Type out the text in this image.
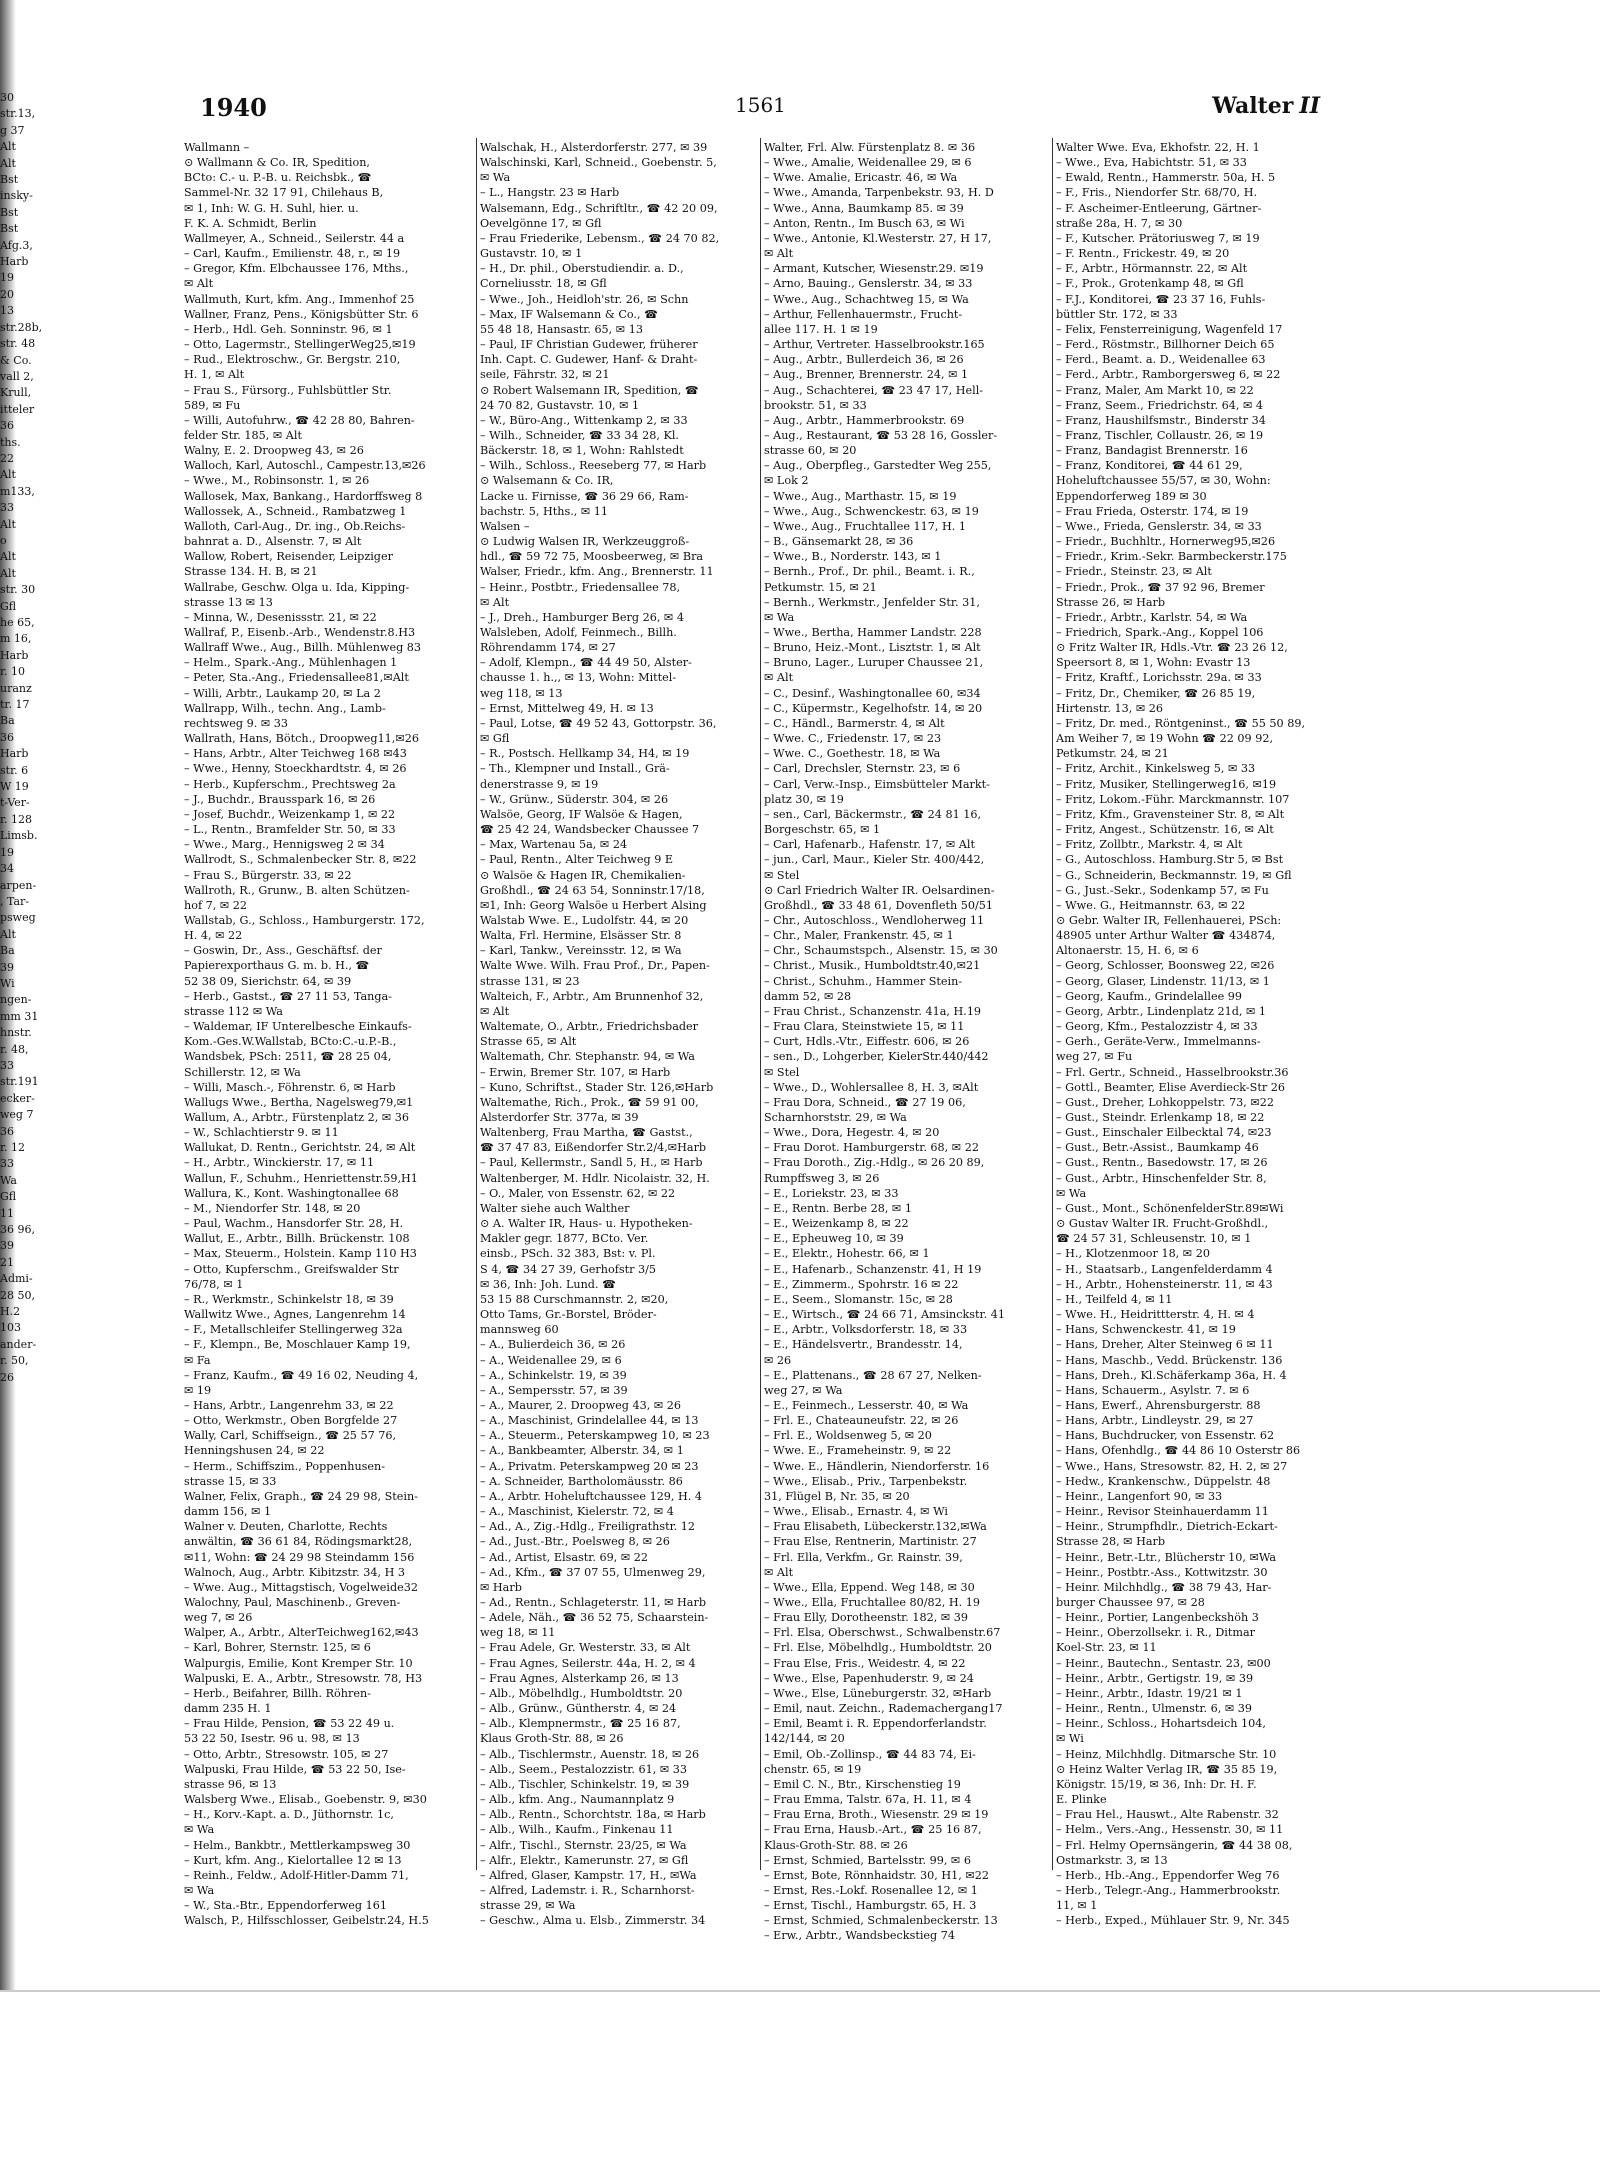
30
str.13,
g 37
Alt
Alt
Bst
insky-
Bst
Bst
Afg.3,
Harb
19
20
13
str.28b,
str. 48
& Co.
vall 2,
Krull,
itteler
36
ths.
22
Alt
m133,
33
Alt
o
Alt
Alt
str. 30
Gfl
he 65,
m 16,
Harb
r. 10
uranz
tr. 17
Ba
36
Harb
str. 6
W 19
t-Ver-
r. 128
Limsb.
19
34
arpen-
, Tar-
psweg
Alt
Ba
39
Wi
ngen-
mm 31
hnstr.
r. 48,
33
str.191
ecker-
weg 7
36
r. 12
33
Wa
Gfl
11
36 96,
39
21
Admi-
28 50,
H.2
103
ander-
r. 50,
26
1940	1561	Walter II
Wallmann –
⊙ Wallmann & Co. IR, Spedition,
BCto: C.- u. P.-B. u. Reichsbk., ☎
Sammel-Nr. 32 17 91, Chilehaus B,
✉ 1, Inh: W. G. H. Suhl, hier. u.
F. K. A. Schmidt, Berlin
Wallmeyer, A., Schneid., Seilerstr. 44 a
– Carl, Kaufm., Emilienstr. 48, r., ✉ 19
– Gregor, Kfm. Elbchaussee 176, Mths.,
✉ Alt
Wallmuth, Kurt, kfm. Ang., Immenhof 25
Wallner, Franz, Pens., Königsbütter Str. 6
– Herb., Hdl. Geh. Sonninstr. 96, ✉ 1
– Otto, Lagermstr., StellingerWeg25,✉19
– Rud., Elektroschw., Gr. Bergstr. 210,
H. 1, ✉ Alt
– Frau S., Fürsorg., Fuhlsbüttler Str.
589, ✉ Fu
– Willi, Autofuhrw., ☎ 42 28 80, Bahren-
felder Str. 185, ✉ Alt
Walny, E. 2. Droopweg 43, ✉ 26
Walloch, Karl, Autoschl., Campestr.13,✉26
– Wwe., M., Robinsonstr. 1, ✉ 26
Wallosek, Max, Bankang., Hardorffsweg 8
Wallossek, A., Schneid., Rambatzweg 1
Walloth, Carl-Aug., Dr. ing., Ob.Reichs-
bahnrat a. D., Alsenstr. 7, ✉ Alt
Wallow, Robert, Reisender, Leipziger
Strasse 134. H. B, ✉ 21
Wallrabe, Geschw. Olga u. Ida, Kipping-
strasse 13 ✉ 13
– Minna, W., Desenissstr. 21, ✉ 22
Wallraf, P., Eisenb.-Arb., Wendenstr.8.H3
Wallraff Wwe., Aug., Billh. Mühlenweg 83
– Helm., Spark.-Ang., Mühlenhagen 1
– Peter, Sta.-Ang., Friedensallee81,✉Alt
– Willi, Arbtr., Laukamp 20, ✉ La 2
Wallrapp, Wilh., techn. Ang., Lamb-
rechtsweg 9. ✉ 33
Wallrath, Hans, Bötch., Droopweg11,✉26
– Hans, Arbtr., Alter Teichweg 168 ✉43
– Wwe., Henny, Stoeckhardtstr. 4, ✉ 26
– Herb., Kupferschm., Prechtsweg 2a
– J., Buchdr., Brausspark 16, ✉ 26
– Josef, Buchdr., Weizenkamp 1, ✉ 22
– L., Rentn., Bramfelder Str. 50, ✉ 33
– Wwe., Marg., Hennigsweg 2 ✉ 34
Wallrodt, S., Schmalenbecker Str. 8, ✉22
– Frau S., Bürgerstr. 33, ✉ 22
Wallroth, R., Grunw., B. alten Schützen-
hof 7, ✉ 22
Wallstab, G., Schloss., Hamburgerstr. 172,
H. 4, ✉ 22
– Goswin, Dr., Ass., Geschäftsf. der
Papierexporthaus G. m. b. H., ☎
52 38 09, Sierichstr. 64, ✉ 39
– Herb., Gastst., ☎ 27 11 53, Tanga-
strasse 112 ✉ Wa
– Waldemar, IF Unterelbesche Einkaufs-
Kom.-Ges.W.Wallstab, BCto:C.-u.P.-B.,
Wandsbek, PSch: 2511, ☎ 28 25 04,
Schillerstr. 12, ✉ Wa
– Willi, Masch.-, Föhrenstr. 6, ✉ Harb
Wallugs Wwe., Bertha, Nagelsweg79,✉1
Wallum, A., Arbtr., Fürstenplatz 2, ✉ 36
– W., Schlachtierstr 9. ✉ 11
Wallukat, D. Rentn., Gerichtstr. 24, ✉ Alt
– H., Arbtr., Winckierstr. 17, ✉ 11
Wallun, F., Schuhm., Henriettenstr.59,H1
Wallura, K., Kont. Washingtonallee 68
– M., Niendorfer Str. 148, ✉ 20
– Paul, Wachm., Hansdorfer Str. 28, H.
Wallut, E., Arbtr., Billh. Brückenstr. 108
– Max, Steuerm., Holstein. Kamp 110 H3
– Otto, Kupferschm., Greifswalder Str
76/78, ✉ 1
– R., Werkmstr., Schinkelstr 18, ✉ 39
Wallwitz Wwe., Agnes, Langenrehm 14
– F., Metallschleifer Stellingerweg 32a
– F., Klempn., Be, Moschlauer Kamp 19,
✉ Fa
– Franz, Kaufm., ☎ 49 16 02, Neuding 4,
✉ 19
– Hans, Arbtr., Langenrehm 33, ✉ 22
– Otto, Werkmstr., Oben Borgfelde 27
Wally, Carl, Schiffseign., ☎ 25 57 76,
Henningshusen 24, ✉ 22
– Herm., Schiffszim., Poppenhusen-
strasse 15, ✉ 33
Walner, Felix, Graph., ☎ 24 29 98, Stein-
damm 156, ✉ 1
Walner v. Deuten, Charlotte, Rechts
anwältin, ☎ 36 61 84, Rödingsmarkt28,
✉11, Wohn: ☎ 24 29 98 Steindamm 156
Walnoch, Aug., Arbtr. Kibitzstr. 34, H 3
– Wwe. Aug., Mittagstisch, Vogelweide32
Walochny, Paul, Maschinenb., Greven-
weg 7, ✉ 26
Walper, A., Arbtr., AlterTeichweg162,✉43
– Karl, Bohrer, Sternstr. 125, ✉ 6
Walpurgis, Emilie, Kont Kremper Str. 10
Walpuski, E. A., Arbtr., Stresowstr. 78, H3
– Herb., Beifahrer, Billh. Röhren-
damm 235 H. 1
– Frau Hilde, Pension, ☎ 53 22 49 u.
53 22 50, Isestr. 96 u. 98, ✉ 13
– Otto, Arbtr., Stresowstr. 105, ✉ 27
Walpuski, Frau Hilde, ☎ 53 22 50, Ise-
strasse 96, ✉ 13
Walsberg Wwe., Elisab., Goebenstr. 9, ✉30
– H., Korv.-Kapt. a. D., Jüthornstr. 1c,
✉ Wa
– Helm., Bankbtr., Mettlerkampsweg 30
– Kurt, kfm. Ang., Kielortallee 12 ✉ 13
– Reinh., Feldw., Adolf-Hitler-Damm 71,
✉ Wa
– W., Sta.-Btr., Eppendorferweg 161
Walsch, P., Hilfsschlosser, Geibelstr.24, H.5
Walschak, H., Alsterdorferstr. 277, ✉ 39
Walschinski, Karl, Schneid., Goebenstr. 5,
✉ Wa
– L., Hangstr. 23 ✉ Harb
Walsemann, Edg., Schriftltr., ☎ 42 20 09,
Oevelgönne 17, ✉ Gfl
– Frau Friederike, Lebensm., ☎ 24 70 82,
Gustavstr. 10, ✉ 1
– H., Dr. phil., Oberstudiendir. a. D.,
Corneliusstr. 18, ✉ Gfl
– Wwe., Joh., Heidloh'str. 26, ✉ Schn
– Max, IF Walsemann & Co., ☎
55 48 18, Hansastr. 65, ✉ 13
– Paul, IF Christian Gudewer, früherer
Inh. Capt. C. Gudewer, Hanf- & Draht-
seile, Fährstr. 32, ✉ 21
⊙ Robert Walsemann IR, Spedition, ☎
24 70 82, Gustavstr. 10, ✉ 1
– W., Büro-Ang., Wittenkamp 2, ✉ 33
– Wilh., Schneider, ☎ 33 34 28, Kl.
Bäckerstr. 18, ✉ 1, Wohn: Rahlstedt
– Wilh., Schloss., Reeseberg 77, ✉ Harb
⊙ Walsemann & Co. IR,
Lacke u. Firnisse, ☎ 36 29 66, Ram-
bachstr. 5, Hths., ✉ 11
Walsen –
⊙ Ludwig Walsen IR, Werkzeuggroß-
hdl., ☎ 59 72 75, Moosbeerweg, ✉ Bra
Walser, Friedr., kfm. Ang., Brennerstr. 11
– Heinr., Postbtr., Friedensallee 78,
✉ Alt
– J., Dreh., Hamburger Berg 26, ✉ 4
Walsleben, Adolf, Feinmech., Billh.
Röhrendamm 174, ✉ 27
– Adolf, Klempn., ☎ 44 49 50, Alster-
chausse 1. h.,, ✉ 13, Wohn: Mittel-
weg 118, ✉ 13
– Ernst, Mittelweg 49, H. ✉ 13
– Paul, Lotse, ☎ 49 52 43, Gottorpstr. 36,
✉ Gfl
– R., Postsch. Hellkamp 34, H4, ✉ 19
– Th., Klempner und Install., Grä-
denerstrasse 9, ✉ 19
– W., Grünw., Süderstr. 304, ✉ 26
Walsöe, Georg, IF Walsöe & Hagen,
☎ 25 42 24, Wandsbecker Chaussee 7
– Max, Wartenau 5a, ✉ 24
– Paul, Rentn., Alter Teichweg 9 E
⊙ Walsöe & Hagen IR, Chemikalien-
Großhdl., ☎ 24 63 54, Sonninstr.17/18,
✉1, Inh: Georg Walsöe u Herbert Alsing
Walstab Wwe. E., Ludolfstr. 44, ✉ 20
Walta, Frl. Hermine, Elsässer Str. 8
– Karl, Tankw., Vereinsstr. 12, ✉ Wa
Walte Wwe. Wilh. Frau Prof., Dr., Papen-
strasse 131, ✉ 23
Walteich, F., Arbtr., Am Brunnenhof 32,
✉ Alt
Waltemate, O., Arbtr., Friedrichsbader
Strasse 65, ✉ Alt
Waltemath, Chr. Stephanstr. 94, ✉ Wa
– Erwin, Bremer Str. 107, ✉ Harb
– Kuno, Schriftst., Stader Str. 126,✉Harb
Waltemathe, Rich., Prok., ☎ 59 91 00,
Alsterdorfer Str. 377a, ✉ 39
Waltenberg, Frau Martha, ☎ Gastst.,
☎ 37 47 83, Eißendorfer Str.2/4,✉Harb
– Paul, Kellermstr., Sandl 5, H., ✉ Harb
Waltenberger, M. Hdlr. Nicolaistr. 32, H.
– O., Maler, von Essenstr. 62, ✉ 22
Walter siehe auch Walther
⊙ A. Walter IR, Haus- u. Hypotheken-
Makler gegr. 1877, BCto. Ver.
einsb., PSch. 32 383, Bst: v. Pl.
S 4, ☎ 34 27 39, Gerhofstr 3/5
✉ 36, Inh: Joh. Lund. ☎
53 15 88 Curschmannstr. 2, ✉20,
Otto Tams, Gr.-Borstel, Bröder-
mannsweg 60
– A., Bulierdeich 36, ✉ 26
– A., Weidenallee 29, ✉ 6
– A., Schinkelstr. 19, ✉ 39
– A., Sempersstr. 57, ✉ 39
– A., Maurer, 2. Droopweg 43, ✉ 26
– A., Maschinist, Grindelallee 44, ✉ 13
– A., Steuerm., Peterskampweg 10, ✉ 23
– A., Bankbeamter, Alberstr. 34, ✉ 1
– A., Privatm. Peterskampweg 20 ✉ 23
– A. Schneider, Bartholomäusstr. 86
– A., Arbtr. Hoheluftchaussee 129, H. 4
– A., Maschinist, Kielerstr. 72, ✉ 4
– Ad., A., Zig.-Hdlg., Freiligrathstr. 12
– Ad., Just.-Btr., Poelsweg 8, ✉ 26
– Ad., Artist, Elsastr. 69, ✉ 22
– Ad., Kfm., ☎ 37 07 55, Ulmenweg 29,
✉ Harb
– Ad., Rentn., Schlageterstr. 11, ✉ Harb
– Adele, Näh., ☎ 36 52 75, Schaarstein-
weg 18, ✉ 11
– Frau Adele, Gr. Westerstr. 33, ✉ Alt
– Frau Agnes, Seilerstr. 44a, H. 2, ✉ 4
– Frau Agnes, Alsterkamp 26, ✉ 13
– Alb., Möbelhdlg., Humboldtstr. 20
– Alb., Grünw., Güntherstr. 4, ✉ 24
– Alb., Klempnermstr., ☎ 25 16 87,
Klaus Groth-Str. 88, ✉ 26
– Alb., Tischlermstr., Auenstr. 18, ✉ 26
– Alb., Seem., Pestalozzistr. 61, ✉ 33
– Alb., Tischler, Schinkelstr. 19, ✉ 39
– Alb., kfm. Ang., Naumannplatz 9
– Alb., Rentn., Schorchtstr. 18a, ✉ Harb
– Alb., Wilh., Kaufm., Finkenau 11
– Alfr., Tischl., Sternstr. 23/25, ✉ Wa
– Alfr., Elektr., Kamerunstr. 27, ✉ Gfl
– Alfred, Glaser, Kampstr. 17, H., ✉Wa
– Alfred, Lademstr. i. R., Scharnhorst-
strasse 29, ✉ Wa
– Geschw., Alma u. Elsb., Zimmerstr. 34
Walter, Frl. Alw. Fürstenplatz 8. ✉ 36
– Wwe., Amalie, Weidenallee 29, ✉ 6
– Wwe. Amalie, Ericastr. 46, ✉ Wa
– Wwe., Amanda, Tarpenbekstr. 93, H. D
– Wwe., Anna, Baumkamp 85. ✉ 39
– Anton, Rentn., Im Busch 63, ✉ Wi
– Wwe., Antonie, Kl.Westerstr. 27, H 17,
✉ Alt
– Armant, Kutscher, Wiesenstr.29. ✉19
– Arno, Bauing., Genslerstr. 34, ✉ 33
– Wwe., Aug., Schachtweg 15, ✉ Wa
– Arthur, Fellenhauermstr., Frucht-
allee 117. H. 1 ✉ 19
– Arthur, Vertreter. Hasselbrookstr.165
– Aug., Arbtr., Bullerdeich 36, ✉ 26
– Aug., Brenner, Brennerstr. 24, ✉ 1
– Aug., Schachterei, ☎ 23 47 17, Hell-
brookstr. 51, ✉ 33
– Aug., Arbtr., Hammerbrookstr. 69
– Aug., Restaurant, ☎ 53 28 16, Gossler-
strasse 60, ✉ 20
– Aug., Oberpfleg., Garstedter Weg 255,
✉ Lok 2
– Wwe., Aug., Marthastr. 15, ✉ 19
– Wwe., Aug., Schwenckestr. 63, ✉ 19
– Wwe., Aug., Fruchtallee 117, H. 1
– B., Gänsemarkt 28, ✉ 36
– Wwe., B., Norderstr. 143, ✉ 1
– Bernh., Prof., Dr. phil., Beamt. i. R.,
Petkumstr. 15, ✉ 21
– Bernh., Werkmstr., Jenfelder Str. 31,
✉ Wa
– Wwe., Bertha, Hammer Landstr. 228
– Bruno, Heiz.-Mont., Lisztstr. 1, ✉ Alt
– Bruno, Lager., Luruper Chaussee 21,
✉ Alt
– C., Desinf., Washingtonallee 60, ✉34
– C., Küpermstr., Kegelhofstr. 14, ✉ 20
– C., Händl., Barmerstr. 4, ✉ Alt
– Wwe. C., Friedenstr. 17, ✉ 23
– Wwe. C., Goethestr. 18, ✉ Wa
– Carl, Drechsler, Sternstr. 23, ✉ 6
– Carl, Verw.-Insp., Eimsbütteler Markt-
platz 30, ✉ 19
– sen., Carl, Bäckermstr., ☎ 24 81 16,
Borgeschstr. 65, ✉ 1
– Carl, Hafenarb., Hafenstr. 17, ✉ Alt
– jun., Carl, Maur., Kieler Str. 400/442,
✉ Stel
⊙ Carl Friedrich Walter IR. Oelsardinen-
Großhdl., ☎ 33 48 61, Dovenfleth 50/51
– Chr., Autoschloss., Wendloherweg 11
– Chr., Maler, Frankenstr. 45, ✉ 1
– Chr., Schaumstspch., Alsenstr. 15, ✉ 30
– Christ., Musik., Humboldtstr.40,✉21
– Christ., Schuhm., Hammer Stein-
damm 52, ✉ 28
– Frau Christ., Schanzenstr. 41a, H.19
– Frau Clara, Steinstwiete 15, ✉ 11
– Curt, Hdls.-Vtr., Eiffestr. 606, ✉ 26
– sen., D., Lohgerber, KielerStr.440/442
✉ Stel
– Wwe., D., Wohlersallee 8, H. 3, ✉Alt
– Frau Dora, Schneid., ☎ 27 19 06,
Scharnhorststr. 29, ✉ Wa
– Wwe., Dora, Hegestr. 4, ✉ 20
– Frau Dorot. Hamburgerstr. 68, ✉ 22
– Frau Doroth., Zig.-Hdlg., ✉ 26 20 89,
Rumpffsweg 3, ✉ 26
– E., Loriekstr. 23, ✉ 33
– E., Rentn. Berbe 28, ✉ 1
– E., Weizenkamp 8, ✉ 22
– E., Epheuweg 10, ✉ 39
– E., Elektr., Hohestr. 66, ✉ 1
– E., Hafenarb., Schanzenstr. 41, H 19
– E., Zimmerm., Spohrstr. 16 ✉ 22
– E., Seem., Slomanstr. 15c, ✉ 28
– E., Wirtsch., ☎ 24 66 71, Amsinckstr. 41
– E., Arbtr., Volksdorferstr. 18, ✉ 33
– E., Händelsvertr., Brandesstr. 14,
✉ 26
– E., Plattenans., ☎ 28 67 27, Nelken-
weg 27, ✉ Wa
– E., Feinmech., Lesserstr. 40, ✉ Wa
– Frl. E., Chateauneufstr. 22, ✉ 26
– Frl. E., Woldsenweg 5, ✉ 20
– Wwe. E., Frameheinstr. 9, ✉ 22
– Wwe. E., Händlerin, Niendorferstr. 16
– Wwe., Elisab., Priv., Tarpenbekstr.
31, Flügel B, Nr. 35, ✉ 20
– Wwe., Elisab., Ernastr. 4, ✉ Wi
– Frau Elisabeth, Lübeckerstr.132,✉Wa
– Frau Else, Rentnerin, Martinistr. 27
– Frl. Ella, Verkfm., Gr. Rainstr. 39,
✉ Alt
– Wwe., Ella, Eppend. Weg 148, ✉ 30
– Wwe., Ella, Fruchtallee 80/82, H. 19
– Frau Elly, Dorotheenstr. 182, ✉ 39
– Frl. Elsa, Oberschwst., Schwalbenstr.67
– Frl. Else, Möbelhdlg., Humboldtstr. 20
– Frau Else, Fris., Weidestr. 4, ✉ 22
– Wwe., Else, Papenhuderstr. 9, ✉ 24
– Wwe., Else, Lüneburgerstr. 32, ✉Harb
– Emil, naut. Zeichn., Rademachergang17
– Emil, Beamt i. R. Eppendorferlandstr.
142/144, ✉ 20
– Emil, Ob.-Zollinsp., ☎ 44 83 74, Ei-
chenstr. 65, ✉ 19
– Emil C. N., Btr., Kirschenstieg 19
– Frau Emma, Talstr. 67a, H. 11, ✉ 4
– Frau Erna, Broth., Wiesenstr. 29 ✉ 19
– Frau Erna, Hausb.-Art., ☎ 25 16 87,
Klaus-Groth-Str. 88. ✉ 26
– Ernst, Schmied, Bartelsstr. 99, ✉ 6
– Ernst, Bote, Rönnhaidstr. 30, H1, ✉22
– Ernst, Res.-Lokf. Rosenallee 12, ✉ 1
– Ernst, Tischl., Hamburgstr. 65, H. 3
– Ernst, Schmied, Schmalenbeckerstr. 13
– Erw., Arbtr., Wandsbeckstieg 74
Walter Wwe. Eva, Ekhofstr. 22, H. 1
– Wwe., Eva, Habichtstr. 51, ✉ 33
– Ewald, Rentn., Hammerstr. 50a, H. 5
– F., Fris., Niendorfer Str. 68/70, H.
– F. Ascheimer-Entleerung, Gärtner-
straße 28a, H. 7, ✉ 30
– F., Kutscher. Prätoriusweg 7, ✉ 19
– F. Rentn., Frickestr. 49, ✉ 20
– F., Arbtr., Hörmannstr. 22, ✉ Alt
– F., Prok., Grotenkamp 48, ✉ Gfl
– F.J., Konditorei, ☎ 23 37 16, Fuhls-
büttler Str. 172, ✉ 33
– Felix, Fensterreinigung, Wagenfeld 17
– Ferd., Röstmstr., Billhorner Deich 65
– Ferd., Beamt. a. D., Weidenallee 63
– Ferd., Arbtr., Ramborgersweg 6, ✉ 22
– Franz, Maler, Am Markt 10, ✉ 22
– Franz, Seem., Friedrichstr. 64, ✉ 4
– Franz, Haushilfsmstr., Binderstr 34
– Franz, Tischler, Collaustr. 26, ✉ 19
– Franz, Bandagist Brennerstr. 16
– Franz, Konditorei, ☎ 44 61 29,
Hoheluftchaussee 55/57, ✉ 30, Wohn:
Eppendorferweg 189 ✉ 30
– Frau Frieda, Osterstr. 174, ✉ 19
– Wwe., Frieda, Genslerstr. 34, ✉ 33
– Friedr., Buchhltr., Hornerweg95,✉26
– Friedr., Krim.-Sekr. Barmbeckerstr.175
– Friedr., Steinstr. 23, ✉ Alt
– Friedr., Prok., ☎ 37 92 96, Bremer
Strasse 26, ✉ Harb
– Friedr., Arbtr., Karlstr. 54, ✉ Wa
– Friedrich, Spark.-Ang., Koppel 106
⊙ Fritz Walter IR, Hdls.-Vtr. ☎ 23 26 12,
Speersort 8, ✉ 1, Wohn: Evastr 13
– Fritz, Kraftf., Lorichsstr. 29a. ✉ 33
– Fritz, Dr., Chemiker, ☎ 26 85 19,
Hirtenstr. 13, ✉ 26
– Fritz, Dr. med., Röntgeninst., ☎ 55 50 89,
Am Weiher 7, ✉ 19 Wohn ☎ 22 09 92,
Petkumstr. 24, ✉ 21
– Fritz, Archit., Kinkelsweg 5, ✉ 33
– Fritz, Musiker, Stellingerweg16, ✉19
– Fritz, Lokom.-Führ. Marckmannstr. 107
– Fritz, Kfm., Gravensteiner Str. 8, ✉ Alt
– Fritz, Angest., Schützenstr. 16, ✉ Alt
– Fritz, Zollbtr., Markstr. 4, ✉ Alt
– G., Autoschloss. Hamburg.Str 5, ✉ Bst
– G., Schneiderin, Beckmannstr. 19, ✉ Gfl
– G., Just.-Sekr., Sodenkamp 57, ✉ Fu
– Wwe. G., Heitmannstr. 63, ✉ 22
⊙ Gebr. Walter IR, Fellenhauerei, PSch:
48905 unter Arthur Walter ☎ 434874,
Altonaerstr. 15, H. 6, ✉ 6
– Georg, Schlosser, Boonsweg 22, ✉26
– Georg, Glaser, Lindenstr. 11/13, ✉ 1
– Georg, Kaufm., Grindelallee 99
– Georg, Arbtr., Lindenplatz 21d, ✉ 1
– Georg, Kfm., Pestalozzistr 4, ✉ 33
– Gerh., Geräte-Verw., Immelmanns-
weg 27, ✉ Fu
– Frl. Gertr., Schneid., Hasselbrookstr.36
– Gottl., Beamter, Elise Averdieck-Str 26
– Gust., Dreher, Lohkoppelstr. 73, ✉22
– Gust., Steindr. Erlenkamp 18, ✉ 22
– Gust., Einschaler Eilbecktal 74, ✉23
– Gust., Betr.-Assist., Baumkamp 46
– Gust., Rentn., Basedowstr. 17, ✉ 26
– Gust., Arbtr., Hinschenfelder Str. 8,
✉ Wa
– Gust., Mont., SchönenfelderStr.89✉Wi
⊙ Gustav Walter IR. Frucht-Großhdl.,
☎ 24 57 31, Schleusenstr. 10, ✉ 1
– H., Klotzenmoor 18, ✉ 20
– H., Staatsarb., Langenfelderdamm 4
– H., Arbtr., Hohensteinerstr. 11, ✉ 43
– H., Teilfeld 4, ✉ 11
– Wwe. H., Heidrittterstr. 4, H. ✉ 4
– Hans, Schwenckestr. 41, ✉ 19
– Hans, Dreher, Alter Steinweg 6 ✉ 11
– Hans, Maschb., Vedd. Brückenstr. 136
– Hans, Dreh., Kl.Schäferkamp 36a, H. 4
– Hans, Schauerm., Asylstr. 7. ✉ 6
– Hans, Ewerf., Ahrensburgerstr. 88
– Hans, Arbtr., Lindleystr. 29, ✉ 27
– Hans, Buchdrucker, von Essenstr. 62
– Hans, Ofenhdlg., ☎ 44 86 10 Osterstr 86
– Wwe., Hans, Stresowstr. 82, H. 2, ✉ 27
– Hedw., Krankenschw., Düppelstr. 48
– Heinr., Langenfort 90, ✉ 33
– Heinr., Revisor Steinhauerdamm 11
– Heinr., Strumpfhdlr., Dietrich-Eckart-
Strasse 28, ✉ Harb
– Heinr., Betr.-Ltr., Blücherstr 10, ✉Wa
– Heinr., Postbtr.-Ass., Kottwitzstr. 30
– Heinr. Milchhdlg., ☎ 38 79 43, Har-
burger Chaussee 97, ✉ 28
– Heinr., Portier, Langenbeckshöh 3
– Heinr., Oberzollsekr. i. R., Ditmar
Koel-Str. 23, ✉ 11
– Heinr., Bautechn., Sentastr. 23, ✉00
– Heinr., Arbtr., Gertigstr. 19, ✉ 39
– Heinr., Arbtr., Idastr. 19/21 ✉ 1
– Heinr., Rentn., Ulmenstr. 6, ✉ 39
– Heinr., Schloss., Hohartsdeich 104,
✉ Wi
– Heinz, Milchhdlg. Ditmarsche Str. 10
⊙ Heinz Walter Verlag IR, ☎ 35 85 19,
Königstr. 15/19, ✉ 36, Inh: Dr. H. F.
E. Plinke
– Frau Hel., Hauswt., Alte Rabenstr. 32
– Helm., Vers.-Ang., Hessenstr. 30, ✉ 11
– Frl. Helmy Opernsängerin, ☎ 44 38 08,
Ostmarkstr. 3, ✉ 13
– Herb., Hb.-Ang., Eppendorfer Weg 76
– Herb., Telegr.-Ang., Hammerbrookstr.
11, ✉ 1
– Herb., Exped., Mühlauer Str. 9, Nr. 345
